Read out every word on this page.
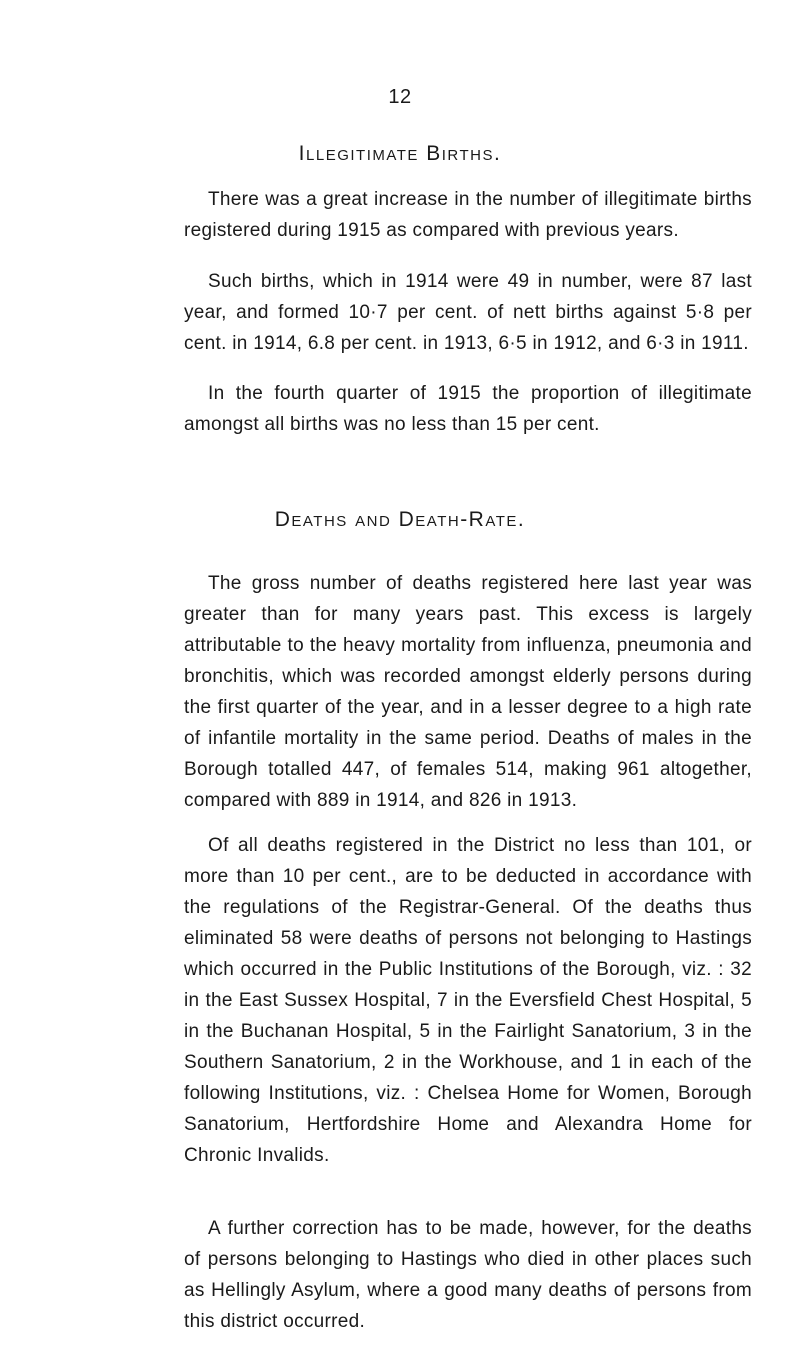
12
Illegitimate Births.

There was a great increase in the number of illegitimate births registered during 1915 as compared with previous years.

Such births, which in 1914 were 49 in number, were 87 last year, and formed 10·7 per cent. of nett births against 5·8 per cent. in 1914, 6.8 per cent. in 1913, 6·5 in 1912, and 6·3 in 1911.

In the fourth quarter of 1915 the proportion of illegitimate amongst all births was no less than 15 per cent.

Deaths and Death-Rate.

The gross number of deaths registered here last year was greater than for many years past. This excess is largely attributable to the heavy mortality from influenza, pneumonia and bronchitis, which was recorded amongst elderly persons during the first quarter of the year, and in a lesser degree to a high rate of infantile mortality in the same period. Deaths of males in the Borough totalled 447, of females 514, making 961 altogether, compared with 889 in 1914, and 826 in 1913.

Of all deaths registered in the District no less than 101, or more than 10 per cent., are to be deducted in accordance with the regulations of the Registrar-General. Of the deaths thus eliminated 58 were deaths of persons not belonging to Hastings which occurred in the Public Institutions of the Borough, viz. : 32 in the East Sussex Hospital, 7 in the Eversfield Chest Hospital, 5 in the Buchanan Hospital, 5 in the Fairlight Sanatorium, 3 in the Southern Sanatorium, 2 in the Workhouse, and 1 in each of the following Institutions, viz. : Chelsea Home for Women, Borough Sanatorium, Hertfordshire Home and Alexandra Home for Chronic Invalids.

A further correction has to be made, however, for the deaths of persons belonging to Hastings who died in other places such as Hellingly Asylum, where a good many deaths of persons from this district occurred.
